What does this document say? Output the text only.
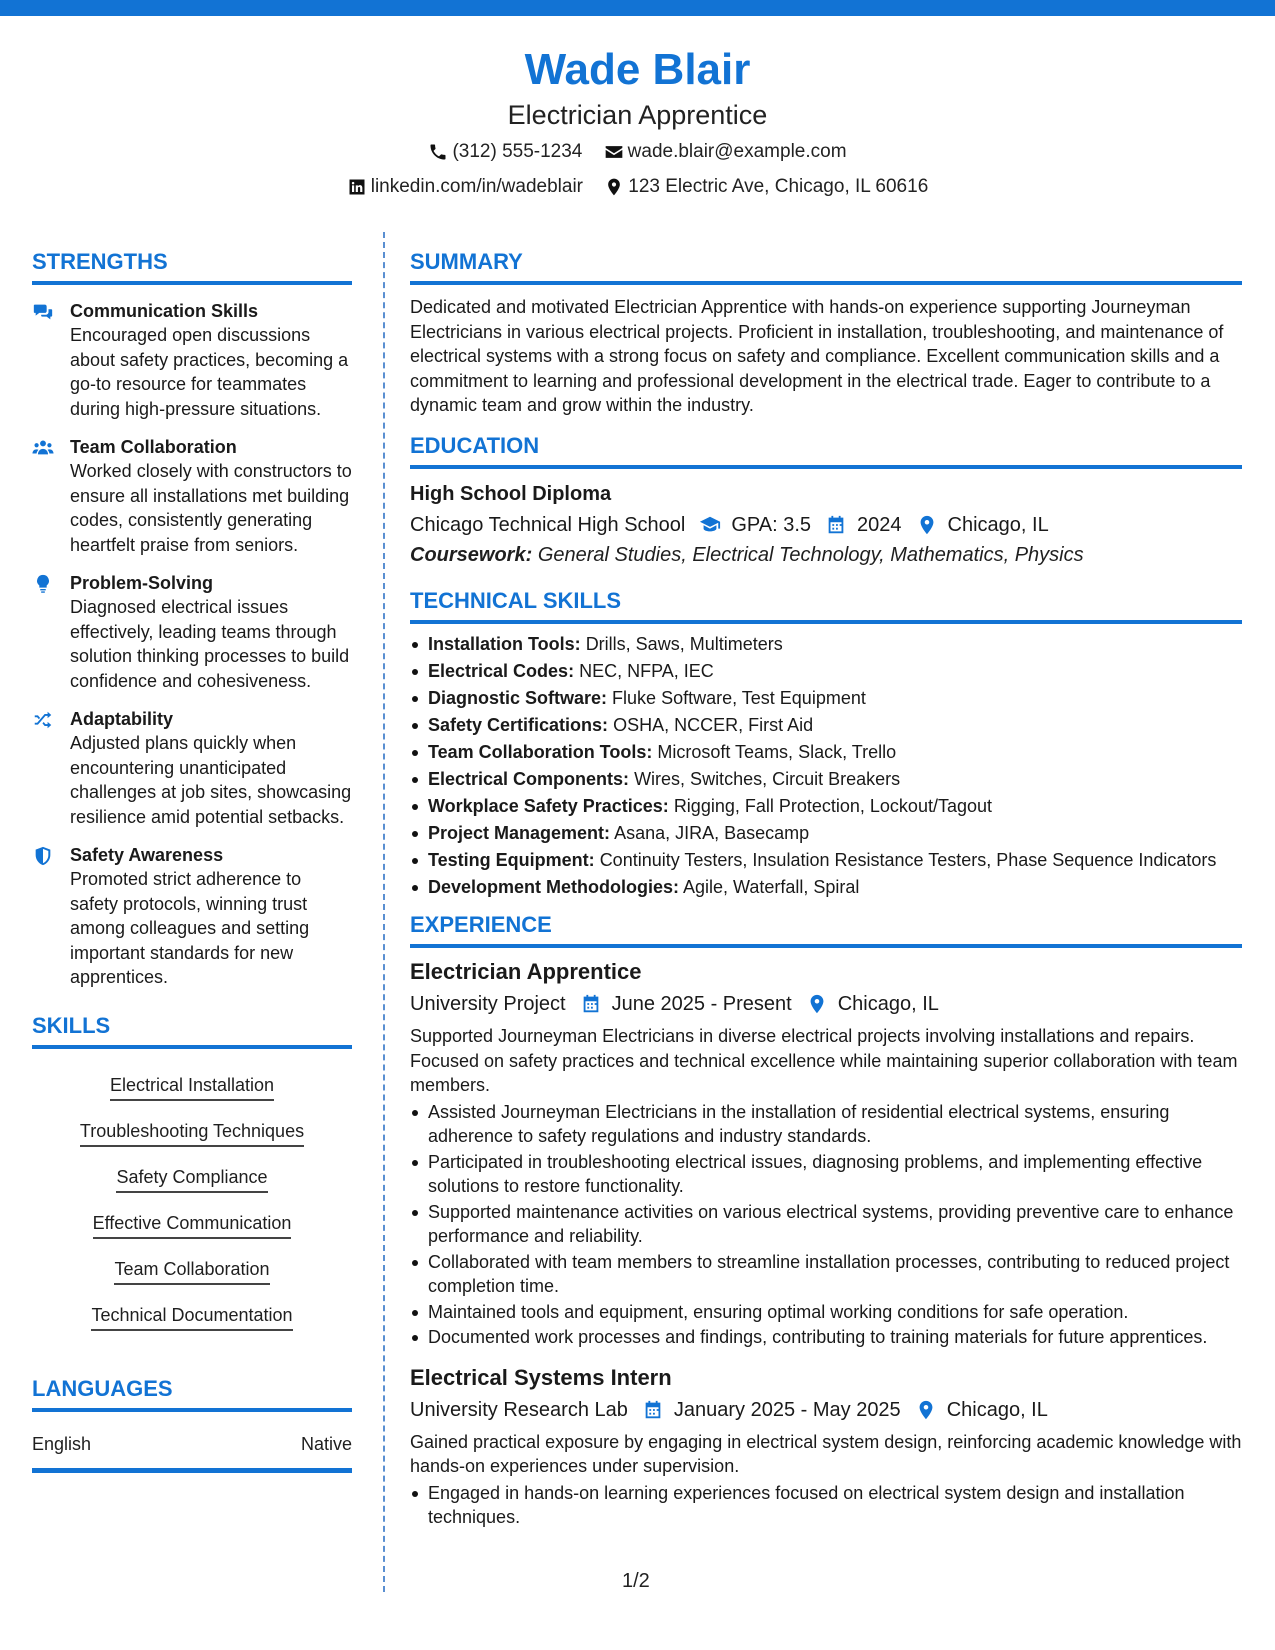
Wade Blair
Electrician Apprentice
(312) 555-1234
wade.blair@example.com
linkedin.com/in/wadeblair
123 Electric Ave, Chicago, IL 60616
STRENGTHS
Communication Skills
Encouraged open discussions about safety practices, becoming a go-to resource for teammates during high-pressure situations.
Team Collaboration
Worked closely with constructors to ensure all installations met building codes, consistently generating heartfelt praise from seniors.
Problem-Solving
Diagnosed electrical issues effectively, leading teams through solution thinking processes to build confidence and cohesiveness.
Adaptability
Adjusted plans quickly when encountering unanticipated challenges at job sites, showcasing resilience amid potential setbacks.
Safety Awareness
Promoted strict adherence to safety protocols, winning trust among colleagues and setting important standards for new apprentices.
SKILLS
Electrical Installation
Troubleshooting Techniques
Safety Compliance
Effective Communication
Team Collaboration
Technical Documentation
LANGUAGES
English	Native
SUMMARY
Dedicated and motivated Electrician Apprentice with hands-on experience supporting Journeyman Electricians in various electrical projects. Proficient in installation, troubleshooting, and maintenance of electrical systems with a strong focus on safety and compliance. Excellent communication skills and a commitment to learning and professional development in the electrical trade. Eager to contribute to a dynamic team and grow within the industry.
EDUCATION
High School Diploma
Chicago Technical High School GPA: 3.5 2024 Chicago, IL
Coursework: General Studies, Electrical Technology, Mathematics, Physics
TECHNICAL SKILLS
Installation Tools: Drills, Saws, Multimeters
Electrical Codes: NEC, NFPA, IEC
Diagnostic Software: Fluke Software, Test Equipment
Safety Certifications: OSHA, NCCER, First Aid
Team Collaboration Tools: Microsoft Teams, Slack, Trello
Electrical Components: Wires, Switches, Circuit Breakers
Workplace Safety Practices: Rigging, Fall Protection, Lockout/Tagout
Project Management: Asana, JIRA, Basecamp
Testing Equipment: Continuity Testers, Insulation Resistance Testers, Phase Sequence Indicators
Development Methodologies: Agile, Waterfall, Spiral
EXPERIENCE
Electrician Apprentice
University Project June 2025 - Present Chicago, IL
Supported Journeyman Electricians in diverse electrical projects involving installations and repairs. Focused on safety practices and technical excellence while maintaining superior collaboration with team members.
Assisted Journeyman Electricians in the installation of residential electrical systems, ensuring adherence to safety regulations and industry standards.
Participated in troubleshooting electrical issues, diagnosing problems, and implementing effective solutions to restore functionality.
Supported maintenance activities on various electrical systems, providing preventive care to enhance performance and reliability.
Collaborated with team members to streamline installation processes, contributing to reduced project completion time.
Maintained tools and equipment, ensuring optimal working conditions for safe operation.
Documented work processes and findings, contributing to training materials for future apprentices.
Electrical Systems Intern
University Research Lab January 2025 - May 2025 Chicago, IL
Gained practical exposure by engaging in electrical system design, reinforcing academic knowledge with hands-on experiences under supervision.
Engaged in hands-on learning experiences focused on electrical system design and installation techniques.
1/2
